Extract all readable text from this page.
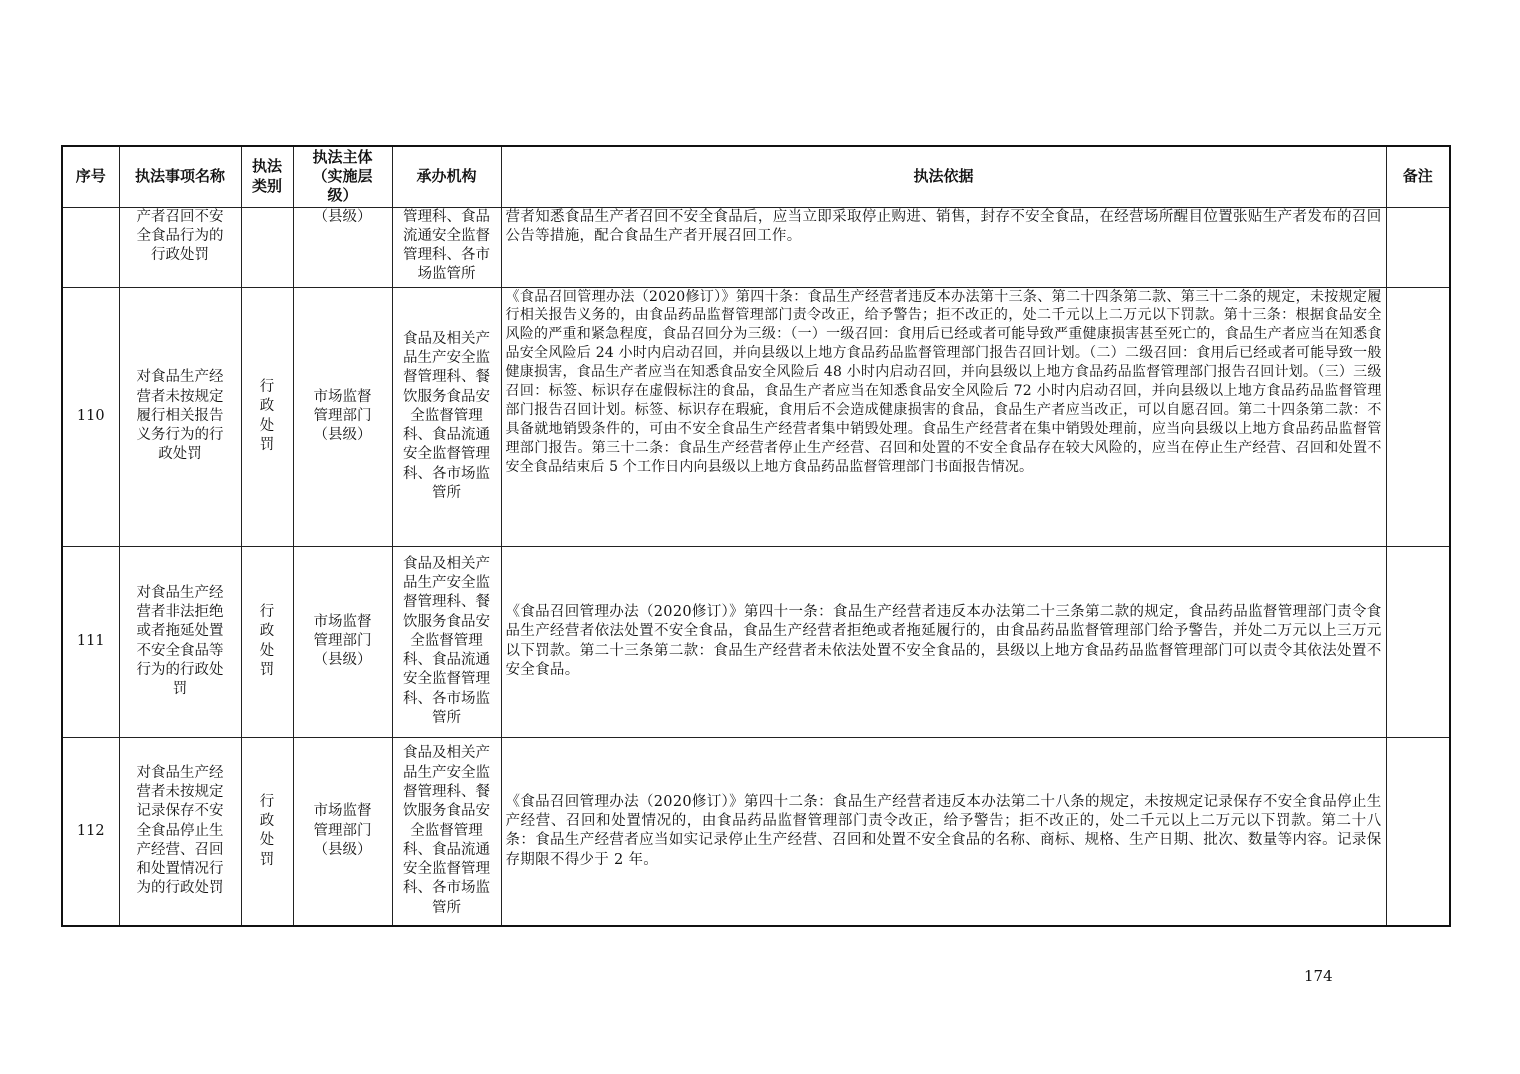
序号	执法事项名称	执法类别	执法主体（实施层级）	承办机构	执法依据	备注
	产者召回不安全食品行为的行政处罚		（县级）	管理科、食品流通安全监督管理科、各市场监管所	营者知悉食品生产者召回不安全食品后，应当立即采取停止购进、销售，封存不安全食品，在经营场所醒目位置张贴生产者发布的召回公告等措施，配合食品生产者开展召回工作。	
110	对食品生产经营者未按规定履行相关报告义务行为的行政处罚	行政处罚	市场监督管理部门（县级）	食品及相关产品生产安全监督管理科、餐饮服务食品安全监督管理科、食品流通安全监督管理科、各市场监管所	《食品召回管理办法（2020修订）》第四十条：食品生产经营者违反本办法第十三条、第二十四条第二款、第三十二条的规定，未按规定履行相关报告义务的，由食品药品监督管理部门责令改正，给予警告；拒不改正的，处二千元以上二万元以下罚款。第十三条：根据食品安全风险的严重和紧急程度，食品召回分为三级：（一）一级召回：食用后已经或者可能导致严重健康损害甚至死亡的，食品生产者应当在知悉食品安全风险后 24 小时内启动召回，并向县级以上地方食品药品监督管理部门报告召回计划。（二）二级召回：食用后已经或者可能导致一般健康损害，食品生产者应当在知悉食品安全风险后 48 小时内启动召回，并向县级以上地方食品药品监督管理部门报告召回计划。（三）三级召回：标签、标识存在虚假标注的食品，食品生产者应当在知悉食品安全风险后 72 小时内启动召回，并向县级以上地方食品药品监督管理部门报告召回计划。标签、标识存在瑕疵，食用后不会造成健康损害的食品，食品生产者应当改正，可以自愿召回。第二十四条第二款：不具备就地销毁条件的，可由不安全食品生产经营者集中销毁处理。食品生产经营者在集中销毁处理前，应当向县级以上地方食品药品监督管理部门报告。第三十二条：食品生产经营者停止生产经营、召回和处置的不安全食品存在较大风险的，应当在停止生产经营、召回和处置不安全食品结束后 5 个工作日内向县级以上地方食品药品监督管理部门书面报告情况。	
111	对食品生产经营者非法拒绝或者拖延处置不安全食品等行为的行政处罚	行政处罚	市场监督管理部门（县级）	食品及相关产品生产安全监督管理科、餐饮服务食品安全监督管理科、食品流通安全监督管理科、各市场监管所	《食品召回管理办法（2020修订）》第四十一条：食品生产经营者违反本办法第二十三条第二款的规定，食品药品监督管理部门责令食品生产经营者依法处置不安全食品，食品生产经营者拒绝或者拖延履行的，由食品药品监督管理部门给予警告，并处二万元以上三万元以下罚款。第二十三条第二款：食品生产经营者未依法处置不安全食品的，县级以上地方食品药品监督管理部门可以责令其依法处置不安全食品。	
112	对食品生产经营者未按规定记录保存不安全食品停止生产经营、召回和处置情况行为的行政处罚	行政处罚	市场监督管理部门（县级）	食品及相关产品生产安全监督管理科、餐饮服务食品安全监督管理科、食品流通安全监督管理科、各市场监管所	《食品召回管理办法（2020修订）》第四十二条：食品生产经营者违反本办法第二十八条的规定，未按规定记录保存不安全食品停止生产经营、召回和处置情况的，由食品药品监督管理部门责令改正，给予警告；拒不改正的，处二千元以上二万元以下罚款。第二十八条：食品生产经营者应当如实记录停止生产经营、召回和处置不安全食品的名称、商标、规格、生产日期、批次、数量等内容。记录保存期限不得少于 2 年。	
174
